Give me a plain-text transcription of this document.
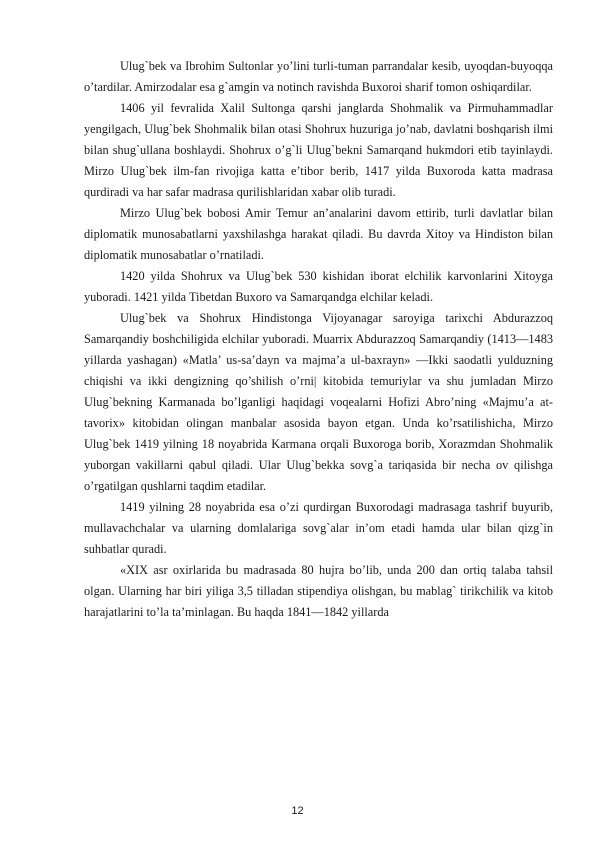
Ulug`bek va Ibrohim Sultonlar yo’lini turli-tuman parrandalar kesib, uyoqdan-buyoqqa o’tardilar. Amirzodalar esa g`amgin va notinch ravishda Buxoroi sharif tomon oshiqardilar.

1406 yil fevralida Xalil Sultonga qarshi janglarda Shohmalik va Pirmuhammadlar yengilgach, Ulug`bek Shohmalik bilan otasi Shohrux huzuriga jo’nab, davlatni boshqarish ilmi bilan shug`ullana boshlaydi. Shohrux o’g`li Ulug`bekni Samarqand hukmdori etib tayinlaydi. Mirzo Ulug`bek ilm-fan rivojiga katta e’tibor berib, 1417 yilda Buxoroda katta madrasa qurdiradi va har safar madrasa qurilishlaridan xabar olib turadi.

Mirzo Ulug`bek bobosi Amir Temur an’analarini davom ettirib, turli davlatlar bilan diplomatik munosabatlarni yaxshilashga harakat qiladi. Bu davrda Xitoy va Hindiston bilan diplomatik munosabatlar o’rnatiladi.

1420 yilda Shohrux va Ulug`bek 530 kishidan iborat elchilik karvonlarini Xitoyga yuboradi. 1421 yilda Tibetdan Buxoro va Samarqandga elchilar keladi.

Ulug`bek va Shohrux Hindistonga Vijoyanagar saroyiga tarixchi Abdurazzoq Samarqandiy boshchiligida elchilar yuboradi. Muarrix Abdurazzoq Samarqandiy (1413—1483 yillarda yashagan) «Matla’ us-sa’dayn va majma’a ul-baxrayn» —Ikki saodatli yulduzning chiqishi va ikki dengizning qo’shilish o’rni| kitobida temuriylar va shu jumladan Mirzo Ulug`bekning Karmanada bo’lganligi haqidagi voqealarni Hofizi Abro’ning «Majmu’a at-tavorix» kitobidan olingan manbalar asosida bayon etgan. Unda ko’rsatilishicha, Mirzo Ulug`bek 1419 yilning 18 noyabrida Karmana orqali Buxoroga borib, Xorazmdan Shohmalik yuborgan vakillarni qabul qiladi. Ular Ulug`bekka sovg`a tariqasida bir necha ov qilishga o’rgatilgan qushlarni taqdim etadilar.

1419 yilning 28 noyabrida esa o’zi qurdirgan Buxorodagi madrasaga tashrif buyurib, mullavachchalar va ularning domlalariga sovg`alar in’om etadi hamda ular bilan qizg`in suhbatlar quradi.

«XIX asr oxirlarida bu madrasada 80 hujra bo’lib, unda 200 dan ortiq talaba tahsil olgan. Ularning har biri yiliga 3,5 tilladan stipendiya olishgan, bu mablag` tirikchilik va kitob harajatlarini to’la ta’minlagan. Bu haqda 1841—1842 yillarda

12
